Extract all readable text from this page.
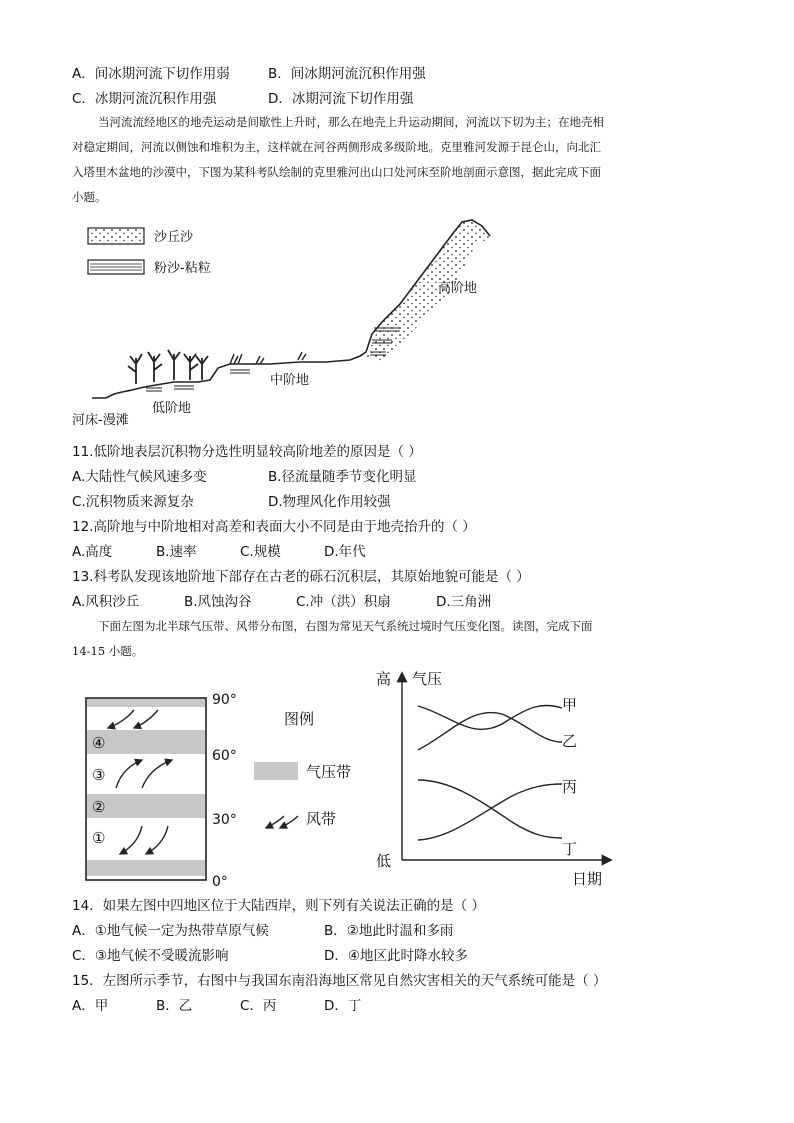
A．间冰期河流下切作用弱	B．间冰期河流沉积作用强
C．冰期河流沉积作用强	D．冰期河流下切作用强

当河流流经地区的地壳运动是间歇性上升时，那么在地壳上升运动期间，河流以下切为主；在地壳相

对稳定期间，河流以侧蚀和堆积为主，这样就在河谷两侧形成多级阶地。克里雅河发源于昆仑山，向北汇

入塔里木盆地的沙漠中，下图为某科考队绘制的克里雅河出山口处河床至阶地剖面示意图，据此完成下面

小题。

沙丘沙
粉沙-粘粒
高阶地
中阶地
低阶地
河床-漫滩
11.低阶地表层沉积物分选性明显较高阶地差的原因是（ ）
A.大陆性气候风速多变	B.径流量随季节变化明显
C.沉积物质来源复杂	D.物理风化作用较强
12.高阶地与中阶地相对高差和表面大小不同是由于地壳抬升的（ ）
A.高度	B.速率	C.规模	D.年代
13.科考队发现该地阶地下部存在古老的砾石沉积层，其原始地貌可能是（ ）
A.风积沙丘	B.风蚀沟谷	C.冲（洪）积扇	D.三角洲

下面左图为北半球气压带、风带分布图，右图为常见天气系统过境时气压变化图。读图，完成下面

14-15 小题。

④
③
②
①
90°
60°
30°
0°
图例
气压带
风带
高 气压
低
日期
甲
乙
丙
丁
14．如果左图中四地区位于大陆西岸，则下列有关说法正确的是（ ）
A．①地气候一定为热带草原气候	B．②地此时温和多雨
C．③地气候不受暖流影响	D．④地区此时降水较多
15．左图所示季节，右图中与我国东南沿海地区常见自然灾害相关的天气系统可能是（ ）
A．甲	B．乙	C．丙	D．丁
